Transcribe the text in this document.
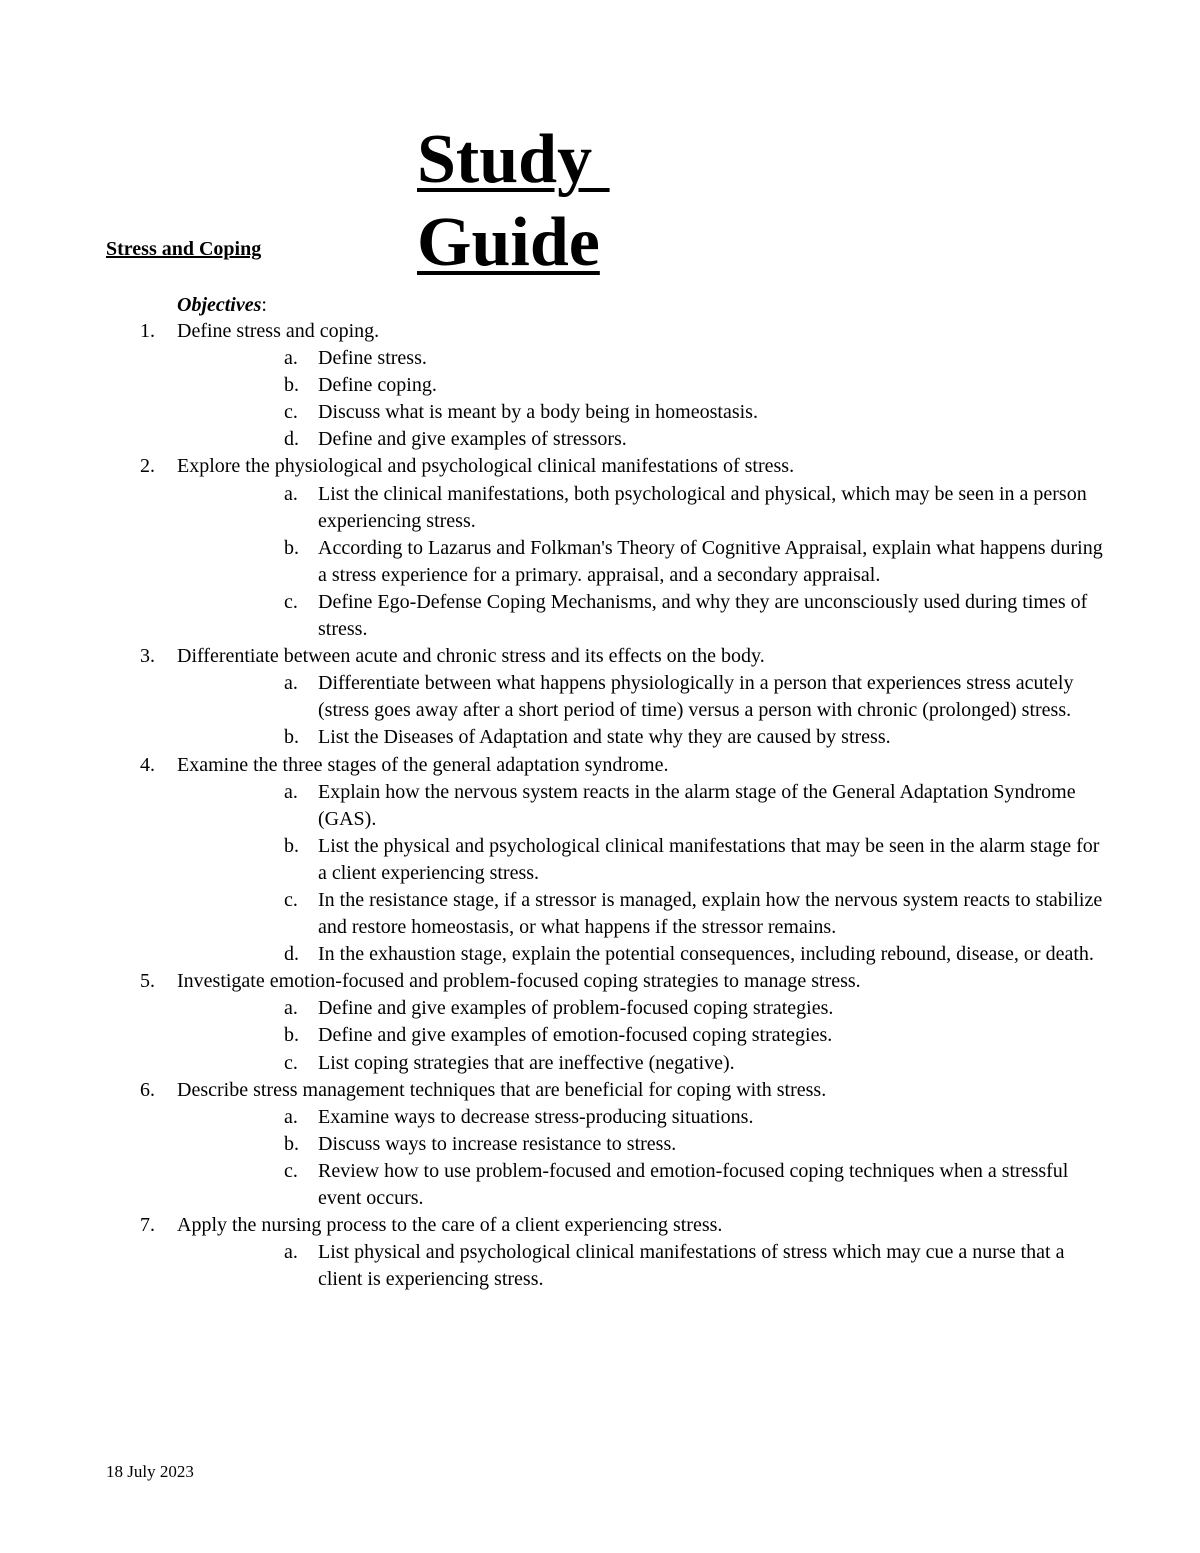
Study
Guide

Stress and Coping

Objectives:

1. Define stress and coping.
a. Define stress.
b. Define coping.
c. Discuss what is meant by a body being in homeostasis.
d. Define and give examples of stressors.
2. Explore the physiological and psychological clinical manifestations of stress.
a. List the clinical manifestations, both psychological and physical, which may be seen in a person experiencing stress.
b. According to Lazarus and Folkman's Theory of Cognitive Appraisal, explain what happens during a stress experience for a primary. appraisal, and a secondary appraisal.
c. Define Ego-Defense Coping Mechanisms, and why they are unconsciously used during times of stress.
3. Differentiate between acute and chronic stress and its effects on the body.
a. Differentiate between what happens physiologically in a person that experiences stress acutely (stress goes away after a short period of time) versus a person with chronic (prolonged) stress.
b. List the Diseases of Adaptation and state why they are caused by stress.
4. Examine the three stages of the general adaptation syndrome.
a. Explain how the nervous system reacts in the alarm stage of the General Adaptation Syndrome (GAS).
b. List the physical and psychological clinical manifestations that may be seen in the alarm stage for a client experiencing stress.
c. In the resistance stage, if a stressor is managed, explain how the nervous system reacts to stabilize and restore homeostasis, or what happens if the stressor remains.
d. In the exhaustion stage, explain the potential consequences, including rebound, disease, or death.
5. Investigate emotion-focused and problem-focused coping strategies to manage stress.
a. Define and give examples of problem-focused coping strategies.
b. Define and give examples of emotion-focused coping strategies.
c. List coping strategies that are ineffective (negative).
6. Describe stress management techniques that are beneficial for coping with stress.
a. Examine ways to decrease stress-producing situations.
b. Discuss ways to increase resistance to stress.
c. Review how to use problem-focused and emotion-focused coping techniques when a stressful event occurs.
7. Apply the nursing process to the care of a client experiencing stress.
a. List physical and psychological clinical manifestations of stress which may cue a nurse that a client is experiencing stress.

18 July 2023
